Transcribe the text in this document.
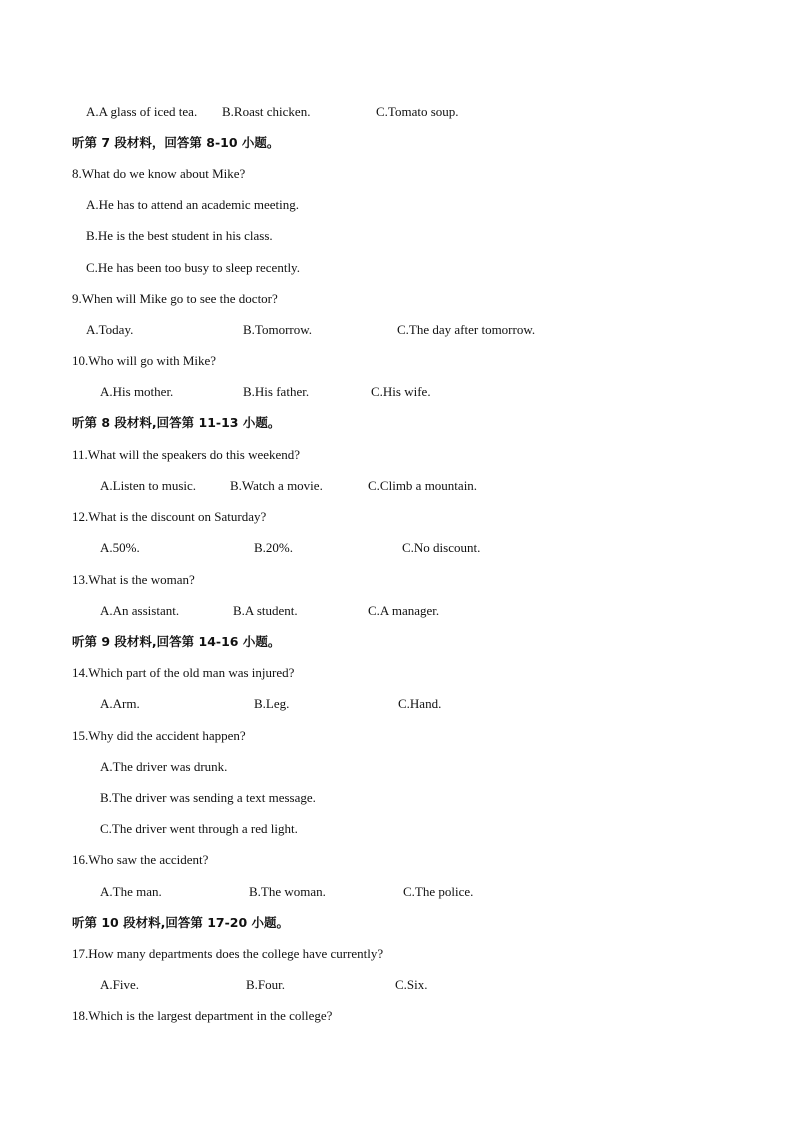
A.A glass of iced tea. B.Roast chicken.	C.Tomato soup.
听第 7 段材料，回答第 8-10 小题。
8.What do we know about Mike?
A.He has to attend an academic meeting.
B.He is the best student in his class.
C.He has been too busy to sleep recently.
9.When will Mike go to see the doctor?
A.Today.	B.Tomorrow.	C.The day after tomorrow.
10.Who will go with Mike?
A.His mother.	B.His father.	C.His wife.
听第 8 段材料,回答第 11-13 小题。
11.What will the speakers do this weekend?
A.Listen to music.	B.Watch a movie.	C.Climb a mountain.
12.What is the discount on Saturday?
A.50%.	B.20%.	C.No discount.
13.What is the woman?
A.An assistant.	B.A student.	C.A manager.
听第 9 段材料,回答第 14-16 小题。
14.Which part of the old man was injured?
A.Arm.	B.Leg.	C.Hand.
15.Why did the accident happen?
A.The driver was drunk.
B.The driver was sending a text message.
C.The driver went through a red light.
16.Who saw the accident?
A.The man.	B.The woman.	C.The police.
听第 10 段材料,回答第 17-20 小题。
17.How many departments does the college have currently?
A.Five.	B.Four.	C.Six.
18.Which is the largest department in the college?
